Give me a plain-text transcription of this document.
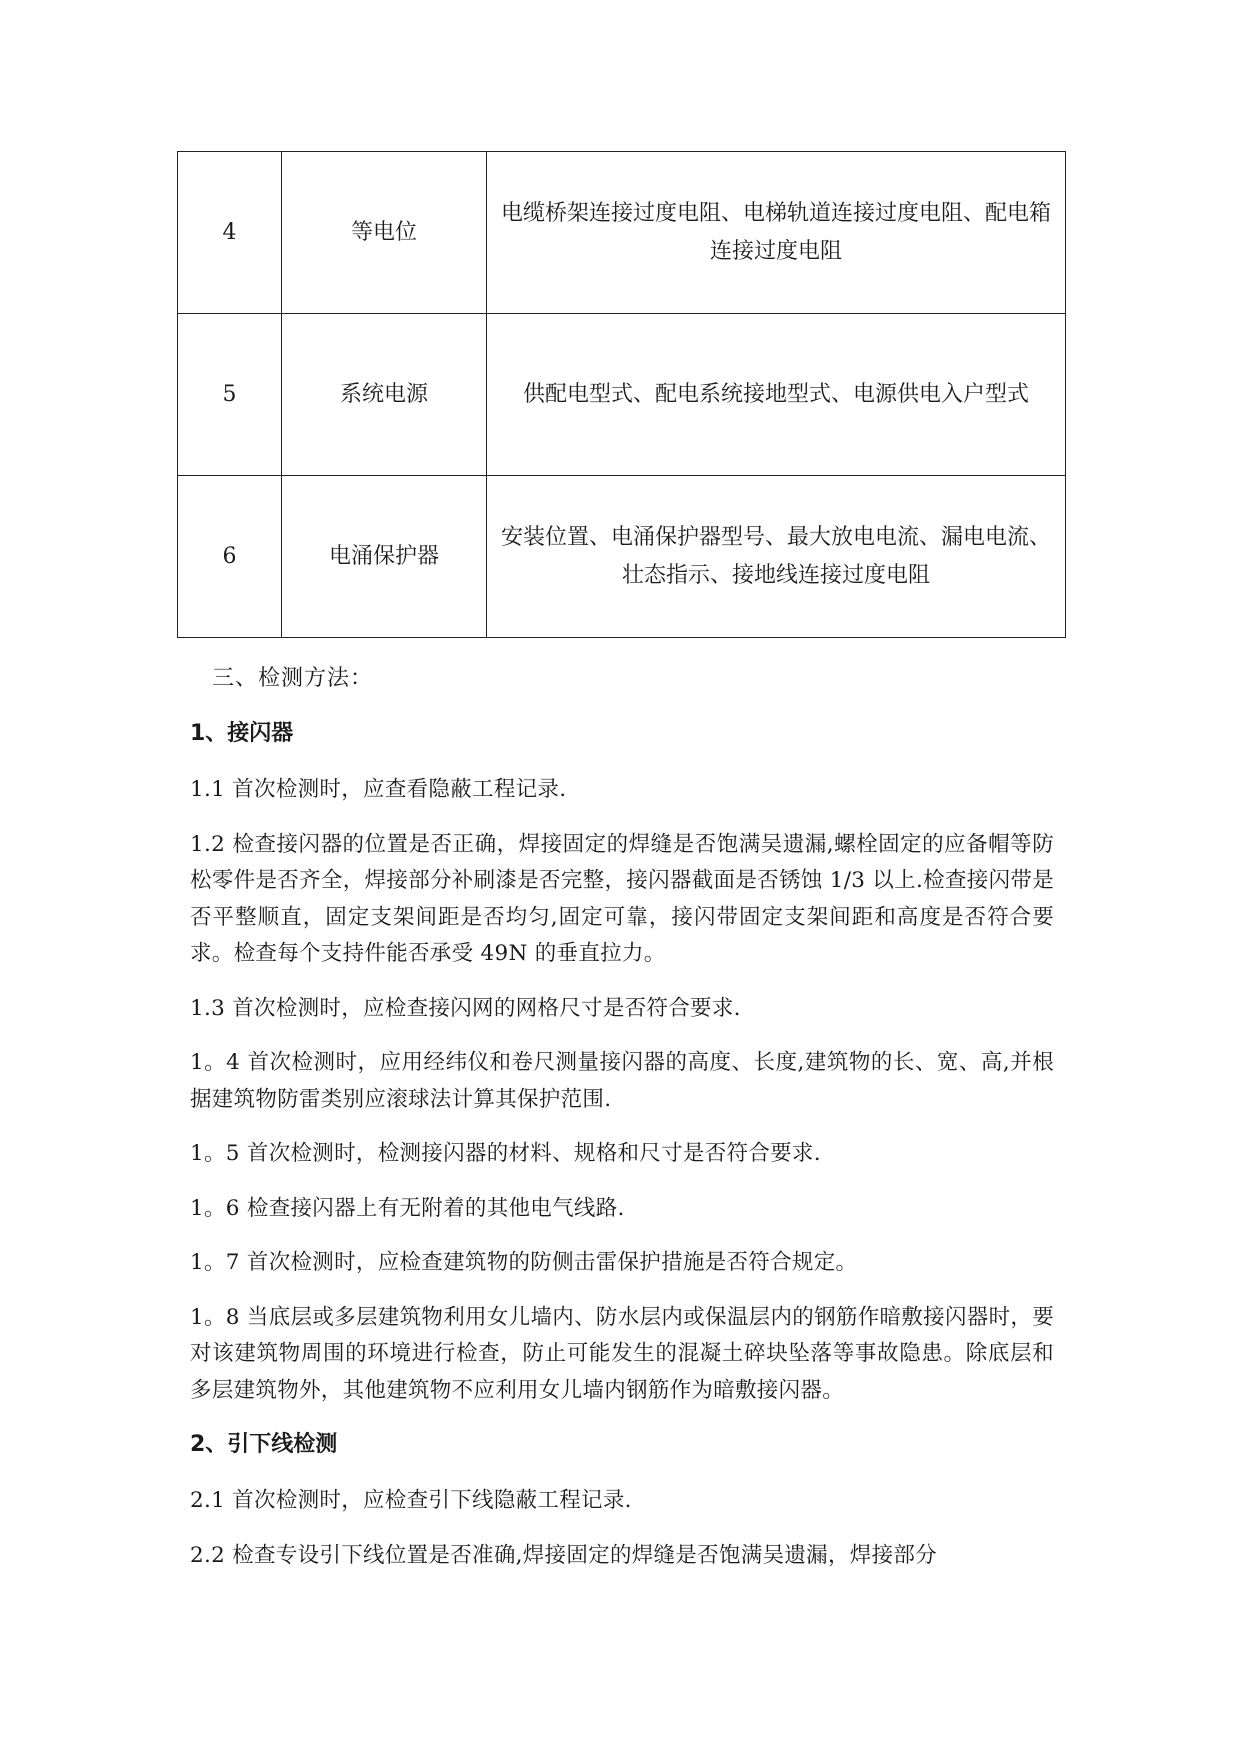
4	等电位	电缆桥架连接过度电阻、电梯轨道连接过度电阻、配电箱连接过度电阻
5	系统电源	供配电型式、配电系统接地型式、电源供电入户型式
6	电涌保护器	安装位置、电涌保护器型号、最大放电电流、漏电电流、壮态指示、接地线连接过度电阻
三、检测方法：
1、接闪器

1.1 首次检测时，应查看隐蔽工程记录.

1.2 检查接闪器的位置是否正确，焊接固定的焊缝是否饱满吴遗漏,螺栓固定的应备帽等防松零件是否齐全，焊接部分补刷漆是否完整，接闪器截面是否锈蚀 1/3 以上.检查接闪带是否平整顺直，固定支架间距是否均匀,固定可靠，接闪带固定支架间距和高度是否符合要求。检查每个支持件能否承受 49N 的垂直拉力。

1.3 首次检测时，应检查接闪网的网格尺寸是否符合要求.

1。4 首次检测时，应用经纬仪和卷尺测量接闪器的高度、长度,建筑物的长、宽、高,并根据建筑物防雷类别应滚球法计算其保护范围.

1。5 首次检测时，检测接闪器的材料、规格和尺寸是否符合要求.

1。6 检查接闪器上有无附着的其他电气线路.

1。7 首次检测时，应检查建筑物的防侧击雷保护措施是否符合规定。

1。8 当底层或多层建筑物利用女儿墙内、防水层内或保温层内的钢筋作暗敷接闪器时，要对该建筑物周围的环境进行检查，防止可能发生的混凝土碎块坠落等事故隐患。除底层和多层建筑物外，其他建筑物不应利用女儿墙内钢筋作为暗敷接闪器。

2、引下线检测

2.1 首次检测时，应检查引下线隐蔽工程记录.

2.2 检查专设引下线位置是否准确,焊接固定的焊缝是否饱满吴遗漏，焊接部分
